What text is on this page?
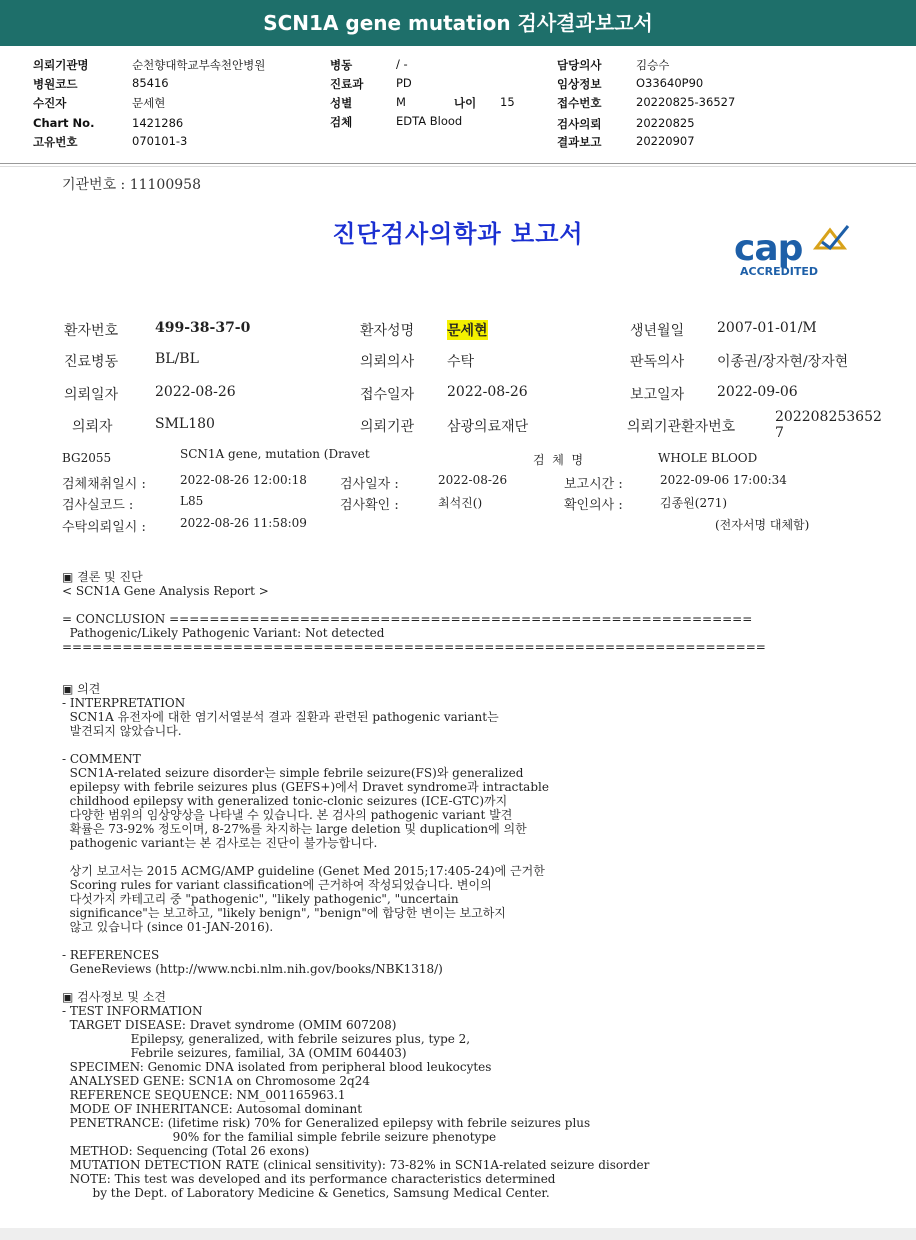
SCN1A gene mutation 검사결과보고서
의뢰기관명	순천향대학교부속천안병원
병원코드	85416
수진자	문세현
Chart No.	1421286
고유번호	070101-3
병동	/ -
진료과	PD
성별	M	나이 15
검체	EDTA Blood
담당의사	김승수
임상정보	O33640P90
접수번호	20220825-36527
검사의뢰	20220825
결과보고	20220907
기관번호 : 11100958
진단검사의학과 보고서	cap
ACCREDITED
환자번호	499-38-37-0	환자성명 문세현	생년월일 2007-01-01/M
진료병동	BL/BL	의뢰의사 수탁	판독의사 이종권/장자현/장자현
의뢰일자	2022-08-26	접수일자 2022-08-26	보고일자 2022-09-06
의뢰자	SML180	의뢰기관 삼광의료재단	의뢰기관환자번호
202208253652
7
BG2055	SCN1A gene, mutation (Dravet	검  체  명	WHOLE BLOOD
검체채취일시 :	2022-08-26 12:00:18	검사일자 :	2022-08-26	보고시간 :	2022-09-06 17:00:34
검사실코드 :	L85	검사확인 :	최석진()	확인의사 :	김종원(271)
수탁의뢰일시 :	2022-08-26 11:58:09	(전자서명 대체함)
▣ 결론 및 진단
< SCN1A Gene Analysis Report >
= CONCLUSION ==========================================================
Pathogenic/Likely Pathogenic Variant: Not detected
======================================================================
▣ 의견
- INTERPRETATION
SCN1A 유전자에 대한 염기서열분석 결과 질환과 관련된 pathogenic variant는
발견되지 않았습니다.
- COMMENT
SCN1A-related seizure disorder는 simple febrile seizure(FS)와 generalized
epilepsy with febrile seizures plus (GEFS+)에서 Dravet syndrome과 intractable
childhood epilepsy with generalized tonic-clonic seizures (ICE-GTC)까지
다양한 범위의 임상양상을 나타낼 수 있습니다. 본 검사의 pathogenic variant 발견
확률은 73-92% 정도이며, 8-27%를 차지하는 large deletion 및 duplication에 의한
pathogenic variant는 본 검사로는 진단이 불가능합니다.
상기 보고서는 2015 ACMG/AMP guideline (Genet Med 2015;17:405-24)에 근거한
Scoring rules for variant classification에 근거하여 작성되었습니다. 변이의
다섯가지 카테고리 중 "pathogenic", "likely pathogenic", "uncertain
significance"는 보고하고, "likely benign", "benign"에 합당한 변이는 보고하지
않고 있습니다 (since 01-JAN-2016).
- REFERENCES
GeneReviews (http://www.ncbi.nlm.nih.gov/books/NBK1318/)
▣ 검사정보 및 소견
- TEST INFORMATION
TARGET DISEASE: Dravet syndrome (OMIM 607208)
Epilepsy, generalized, with febrile seizures plus, type 2,
Febrile seizures, familial, 3A (OMIM 604403)
SPECIMEN: Genomic DNA isolated from peripheral blood leukocytes
ANALYSED GENE: SCN1A on Chromosome 2q24
REFERENCE SEQUENCE: NM_001165963.1
MODE OF INHERITANCE: Autosomal dominant
PENETRANCE: (lifetime risk) 70% for Generalized epilepsy with febrile seizures plus
90% for the familial simple febrile seizure phenotype
METHOD: Sequencing (Total 26 exons)
MUTATION DETECTION RATE (clinical sensitivity): 73-82% in SCN1A-related seizure disorder
NOTE: This test was developed and its performance characteristics determined
by the Dept. of Laboratory Medicine & Genetics, Samsung Medical Center.
